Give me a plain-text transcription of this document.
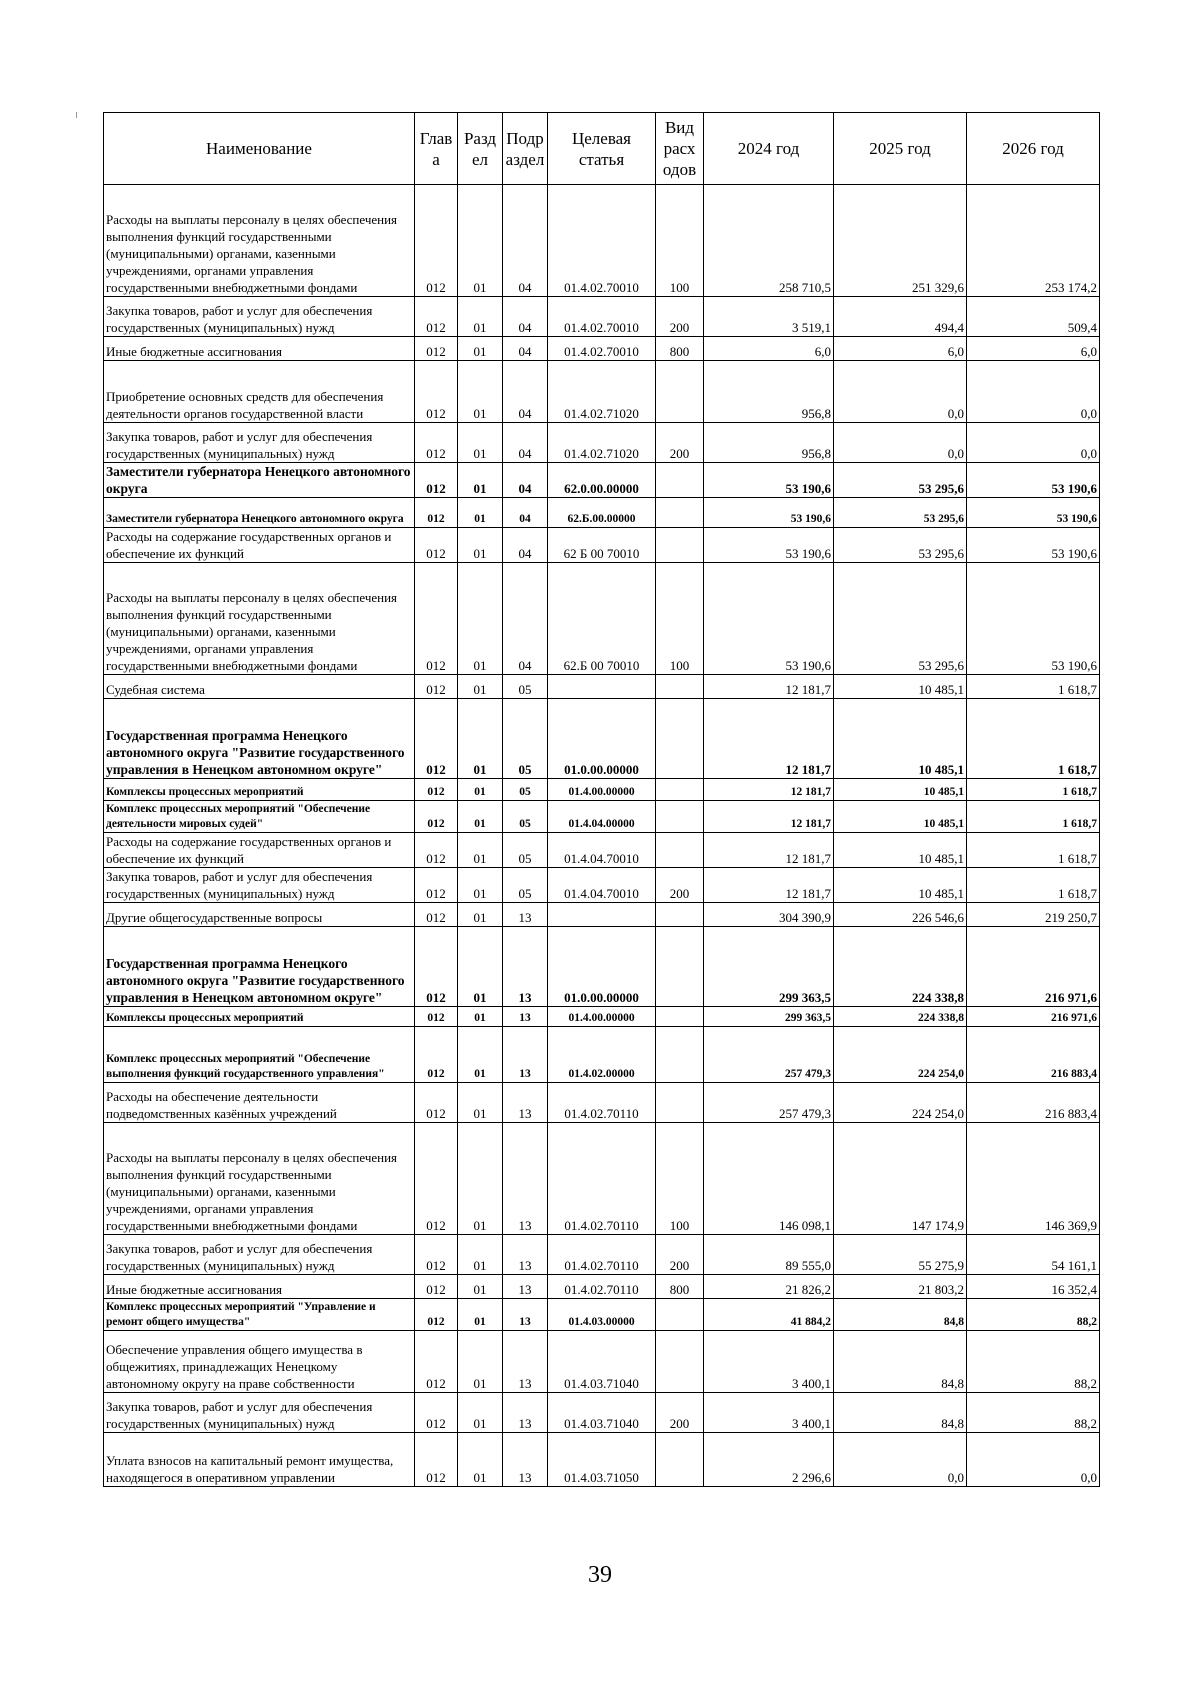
Наименование	Глав а	Разд ел	Подр аздел	Целевая статья	Вид расх одов	2024 год	2025 год	2026 год
Расходы на выплаты персоналу в целях обеспечения выполнения функций государственными (муниципальными) органами, казенными учреждениями, органами управления государственными внебюджетными фондами	012	01	04	01.4.02.70010	100	258 710,5	251 329,6	253 174,2
Закупка товаров, работ и услуг для обеспечения государственных (муниципальных) нужд	012	01	04	01.4.02.70010	200	3 519,1	494,4	509,4
Иные бюджетные ассигнования	012	01	04	01.4.02.70010	800	6,0	6,0	6,0
Приобретение основных средств для обеспечения деятельности органов государственной власти	012	01	04	01.4.02.71020		956,8	0,0	0,0
Закупка товаров, работ и услуг для обеспечения государственных (муниципальных) нужд	012	01	04	01.4.02.71020	200	956,8	0,0	0,0
Заместители губернатора Ненецкого автономного округа	012	01	04	62.0.00.00000		53 190,6	53 295,6	53 190,6
Заместители губернатора Ненецкого автономного округа	012	01	04	62.Б.00.00000		53 190,6	53 295,6	53 190,6
Расходы на содержание государственных органов и обеспечение их функций	012	01	04	62 Б 00 70010		53 190,6	53 295,6	53 190,6
Расходы на выплаты персоналу в целях обеспечения выполнения функций государственными (муниципальными) органами, казенными учреждениями, органами управления государственными внебюджетными фондами	012	01	04	62.Б 00 70010	100	53 190,6	53 295,6	53 190,6
Судебная система	012	01	05			12 181,7	10 485,1	1 618,7
Государственная программа Ненецкого автономного округа "Развитие государственного управления в Ненецком автономном округе"	012	01	05	01.0.00.00000		12 181,7	10 485,1	1 618,7
Комплексы процессных мероприятий	012	01	05	01.4.00.00000		12 181,7	10 485,1	1 618,7
Комплекс процессных мероприятий "Обеспечение деятельности мировых судей"	012	01	05	01.4.04.00000		12 181,7	10 485,1	1 618,7
Расходы на содержание государственных органов и обеспечение их функций	012	01	05	01.4.04.70010		12 181,7	10 485,1	1 618,7
Закупка товаров, работ и услуг для обеспечения государственных (муниципальных) нужд	012	01	05	01.4.04.70010	200	12 181,7	10 485,1	1 618,7
Другие общегосударственные вопросы	012	01	13			304 390,9	226 546,6	219 250,7
Государственная программа Ненецкого автономного округа "Развитие государственного управления в Ненецком автономном округе"	012	01	13	01.0.00.00000		299 363,5	224 338,8	216 971,6
Комплексы процессных мероприятий	012	01	13	01.4.00.00000		299 363,5	224 338,8	216 971,6
Комплекс процессных мероприятий "Обеспечение выполнения функций государственного управления"	012	01	13	01.4.02.00000		257 479,3	224 254,0	216 883,4
Расходы на обеспечение деятельности подведомственных казённых учреждений	012	01	13	01.4.02.70110		257 479,3	224 254,0	216 883,4
Расходы на выплаты персоналу в целях обеспечения выполнения функций государственными (муниципальными) органами, казенными учреждениями, органами управления государственными внебюджетными фондами	012	01	13	01.4.02.70110	100	146 098,1	147 174,9	146 369,9
Закупка товаров, работ и услуг для обеспечения государственных (муниципальных) нужд	012	01	13	01.4.02.70110	200	89 555,0	55 275,9	54 161,1
Иные бюджетные ассигнования	012	01	13	01.4.02.70110	800	21 826,2	21 803,2	16 352,4
Комплекс процессных мероприятий "Управление и ремонт общего имущества"	012	01	13	01.4.03.00000		41 884,2	84,8	88,2
Обеспечение управления общего имущества в общежитиях, принадлежащих Ненецкому автономному округу на праве собственности	012	01	13	01.4.03.71040		3 400,1	84,8	88,2
Закупка товаров, работ и услуг для обеспечения государственных (муниципальных) нужд	012	01	13	01.4.03.71040	200	3 400,1	84,8	88,2
Уплата взносов на капитальный ремонт имущества, находящегося в оперативном управлении	012	01	13	01.4.03.71050		2 296,6	0,0	0,0
39
